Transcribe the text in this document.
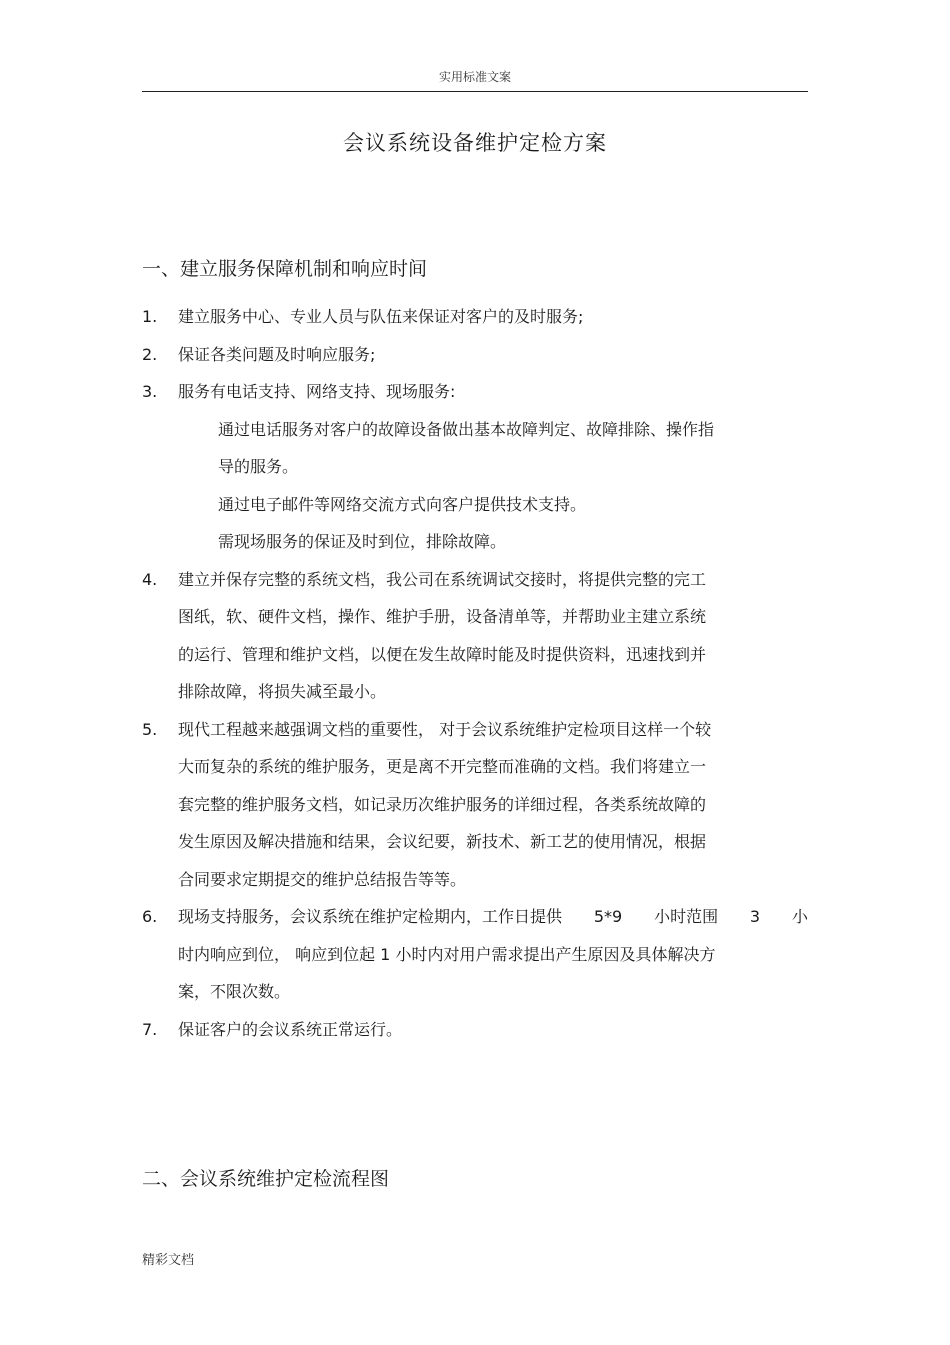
实用标准文案
会议系统设备维护定检方案
一、建立服务保障机制和响应时间
1.	建立服务中心、专业人员与队伍来保证对客户的及时服务;
2.	保证各类问题及时响应服务;
3.	服务有电话支持、网络支持、现场服务:
通过电话服务对客户的故障设备做出基本故障判定、故障排除、操作指
导的服务。
通过电子邮件等网络交流方式向客户提供技术支持。
需现场服务的保证及时到位，排除故障。
4.	建立并保存完整的系统文档，我公司在系统调试交接时，将提供完整的完工
图纸，软、硬件文档，操作、维护手册，设备清单等，并帮助业主建立系统
的运行、管理和维护文档，以便在发生故障时能及时提供资料，迅速找到并
排除故障，将损失减至最小。
5.	现代工程越来越强调文档的重要性， 对于会议系统维护定检项目这样一个较
大而复杂的系统的维护服务，更是离不开完整而准确的文档。我们将建立一
套完整的维护服务文档，如记录历次维护服务的详细过程，各类系统故障的
发生原因及解决措施和结果，会议纪要，新技术、新工艺的使用情况，根据
合同要求定期提交的维护总结报告等等。
6.	现场支持服务，会议系统在维护定检期内，工作日提供 5*9 小时范围 3 小
时内响应到位， 响应到位起 1 小时内对用户需求提出产生原因及具体解决方
案，不限次数。
7.	保证客户的会议系统正常运行。
二、会议系统维护定检流程图
精彩文档
